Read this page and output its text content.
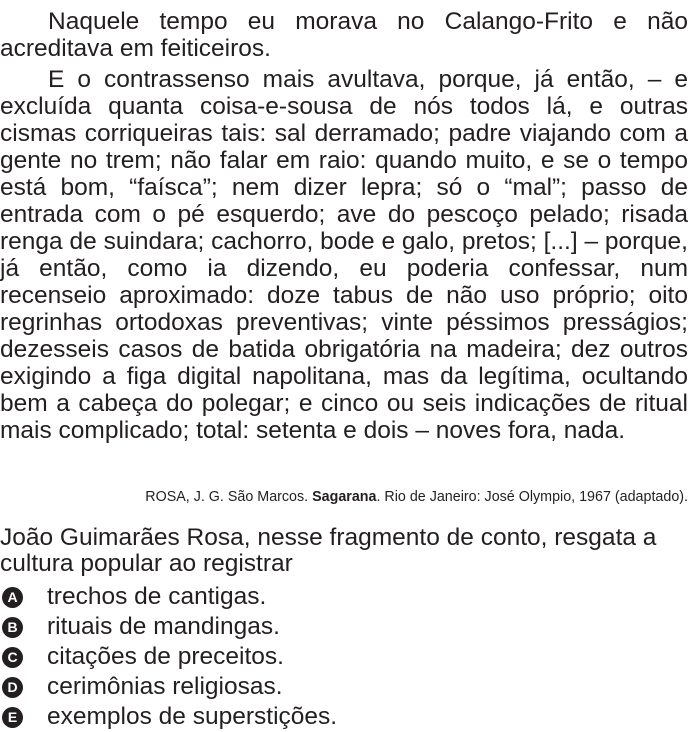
Naquele tempo eu morava no Calango-Frito e não acreditava em feiticeiros.

E o contrassenso mais avultava, porque, já então, – e excluída quanta coisa-e-sousa de nós todos lá, e outras cismas corriqueiras tais: sal derramado; padre viajando com a gente no trem; não falar em raio: quando muito, e se o tempo está bom, “faísca”; nem dizer lepra; só o “mal”; passo de entrada com o pé esquerdo; ave do pescoço pelado; risada renga de suindara; cachorro, bode e galo, pretos; [...] – porque, já então, como ia dizendo, eu poderia confessar, num recenseio aproximado: doze tabus de não uso próprio; oito regrinhas ortodoxas preventivas; vinte péssimos presságios; dezesseis casos de batida obrigatória na madeira; dez outros exigindo a figa digital napolitana, mas da legítima, ocultando bem a cabeça do polegar; e cinco ou seis indicações de ritual mais complicado; total: setenta e dois – noves fora, nada.

ROSA, J. G. São Marcos. Sagarana. Rio de Janeiro: José Olympio, 1967 (adaptado).

João Guimarães Rosa, nesse fragmento de conto, resgata a cultura popular ao registrar

A trechos de cantigas.
B rituais de mandingas.
C citações de preceitos.
D cerimônias religiosas.
E exemplos de superstições.
